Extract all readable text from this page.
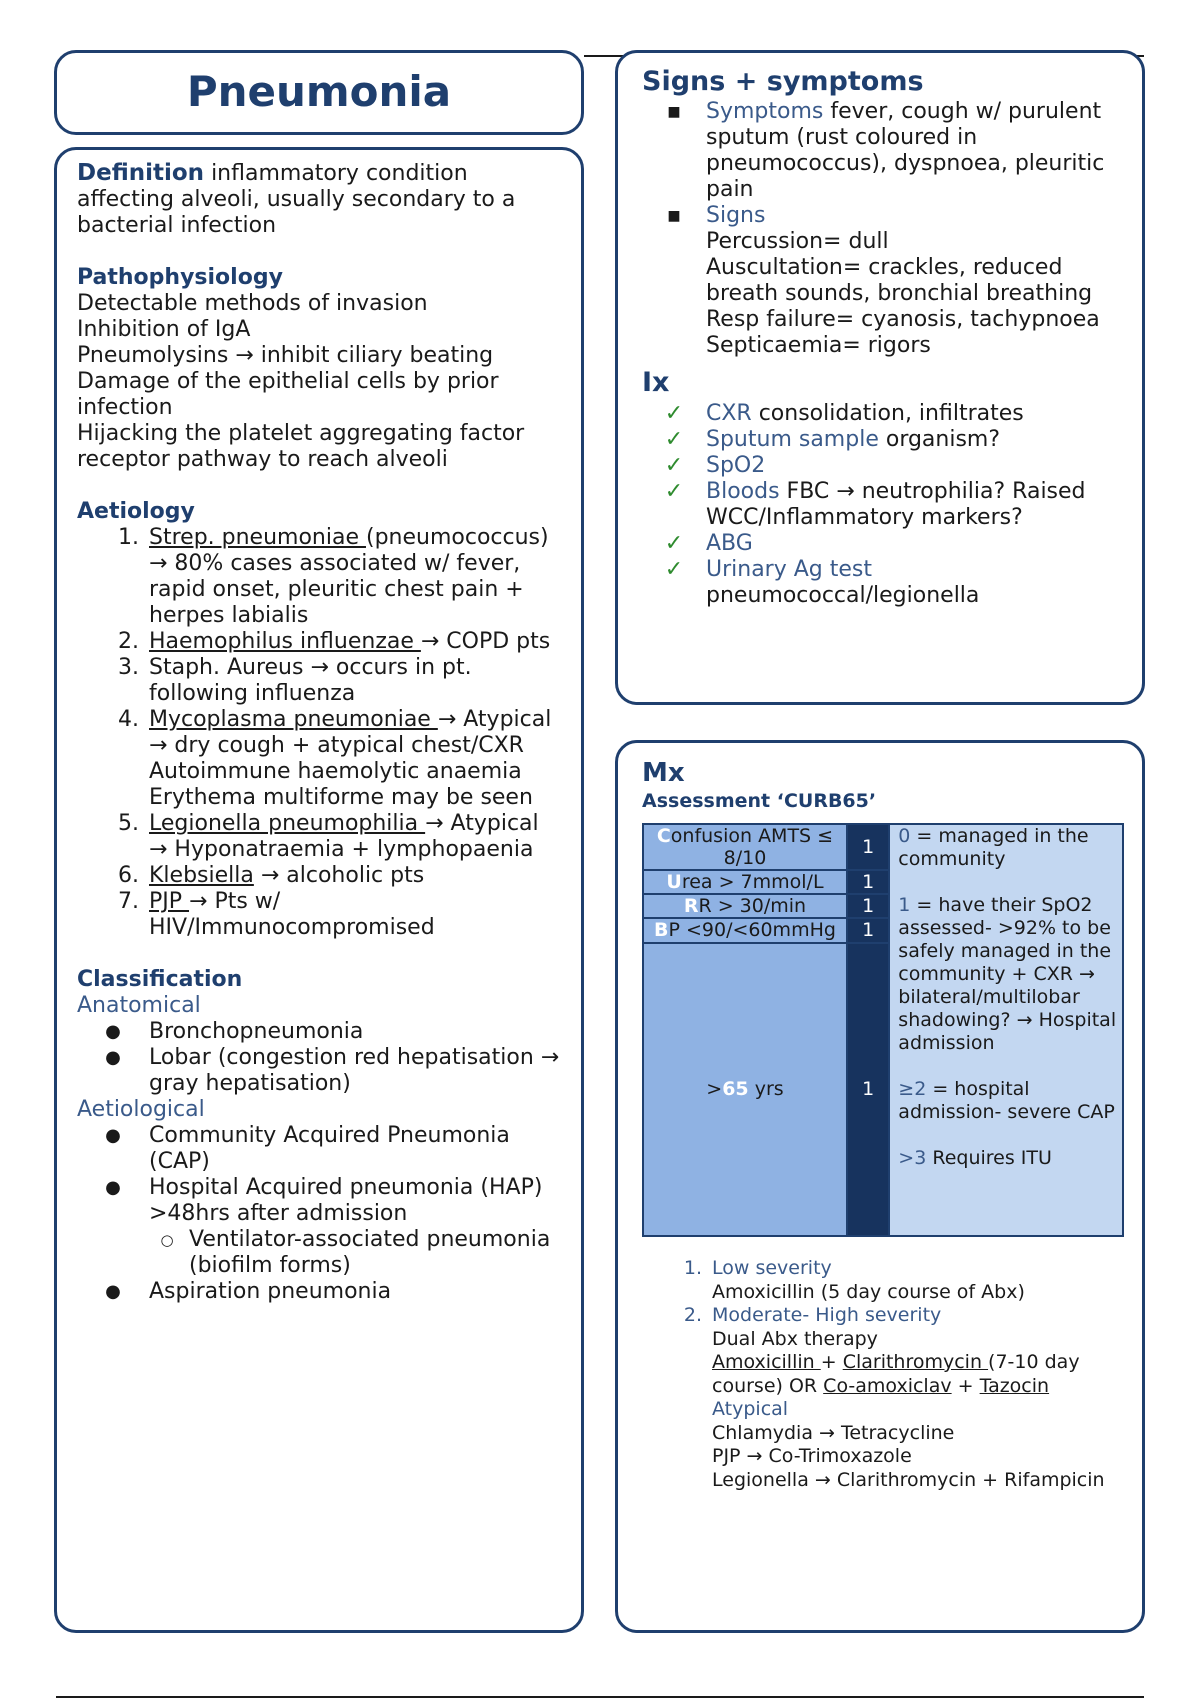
Pneumonia

Definition inflammatory condition affecting alveoli, usually secondary to a bacterial infection

Pathophysiology
Detectable methods of invasion
Inhibition of IgA
Pneumolysins → inhibit ciliary beating
Damage of the epithelial cells by prior infection
Hijacking the platelet aggregating factor receptor pathway to reach alveoli
Aetiology
1. Strep. pneumoniae (pneumococcus) → 80% cases associated w/ fever, rapid onset, pleuritic chest pain + herpes labialis
2. Haemophilus influenzae → COPD pts
3. Staph. Aureus → occurs in pt. following influenza
4. Mycoplasma pneumoniae → Atypical → dry cough + atypical chest/CXR
Autoimmune haemolytic anaemia
Erythema multiforme may be seen
5. Legionella pneumophilia → Atypical → Hyponatraemia + lymphopaenia
6. Klebsiella → alcoholic pts
7. PJP → Pts w/ HIV/Immunocompromised
Classification
Anatomical
●	Bronchopneumonia
●	Lobar (congestion red hepatisation → gray hepatisation)
Aetiological
●	Community Acquired Pneumonia (CAP)
●	Hospital Acquired pneumonia (HAP) >48hrs after admission
○ Ventilator-associated pneumonia (biofilm forms)
●	Aspiration pneumonia
Signs + symptoms
■	Symptoms fever, cough w/ purulent sputum (rust coloured in pneumococcus), dyspnoea, pleuritic pain
■	Signs
Percussion= dull
Auscultation= crackles, reduced breath sounds, bronchial breathing
Resp failure= cyanosis, tachypnoea
Septicaemia= rigors
Ix
✓	CXR consolidation, infiltrates
✓	Sputum sample organism?
✓	SpO2
✓	Bloods FBC → neutrophilia? Raised WCC/Inflammatory markers?
✓	ABG
✓	Urinary Ag test
pneumococcal/legionella
Mx
Assessment ‘CURB65’
Confusion AMTS ≤ 8/10	1	0 = managed in the community
1 = have their SpO2 assessed- >92% to be safely managed in the community + CXR → bilateral/multilobar shadowing? → Hospital admission
≥2 = hospital admission- severe CAP
>3 Requires ITU

Urea > 7mmol/L	1	
RR > 30/min	1	
BP <90/<60mmHg	1	
>65 yrs	1	
1. Low severity
Amoxicillin (5 day course of Abx)
2. Moderate- High severity
Dual Abx therapy
Amoxicillin + Clarithromycin (7-10 day course) OR Co-amoxiclav + Tazocin
Atypical
Chlamydia → Tetracycline
PJP → Co-Trimoxazole
Legionella → Clarithromycin + Rifampicin
